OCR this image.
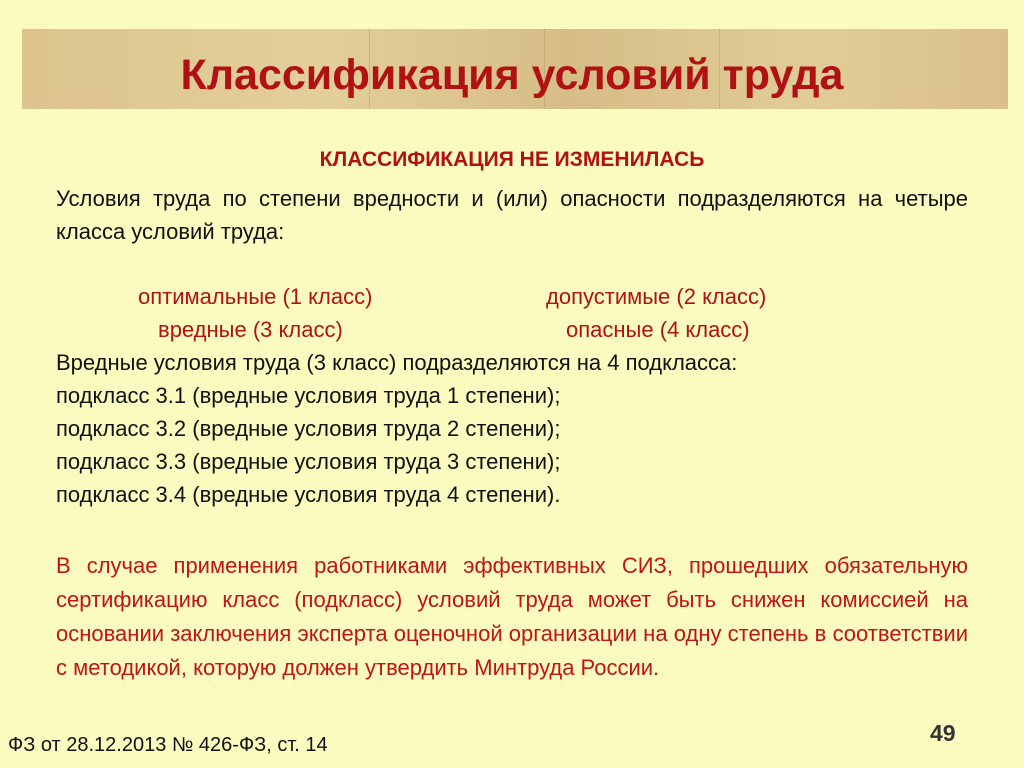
Классификация условий труда
КЛАССИФИКАЦИЯ НЕ ИЗМЕНИЛАСЬ
Условия труда по степени вредности и (или) опасности подразделяются на четыре класса условий труда:
оптимальные (1 класс)	допустимые (2 класс)
вредные (3 класс)	опасные (4 класс)
Вредные условия труда (3 класс) подразделяются на 4 подкласса:
подкласс 3.1 (вредные условия труда 1 степени);
подкласс 3.2 (вредные условия труда 2 степени);
подкласс 3.3 (вредные условия труда 3 степени);
подкласс 3.4 (вредные условия труда 4 степени).
В случае применения работниками эффективных СИЗ, прошедших обязательную сертификацию класс (подкласс) условий труда может быть снижен комиссией на основании заключения эксперта оценочной организации на одну степень в соответствии с методикой, которую должен утвердить Минтруда России.
ФЗ от 28.12.2013 № 426-ФЗ, ст. 14	49
